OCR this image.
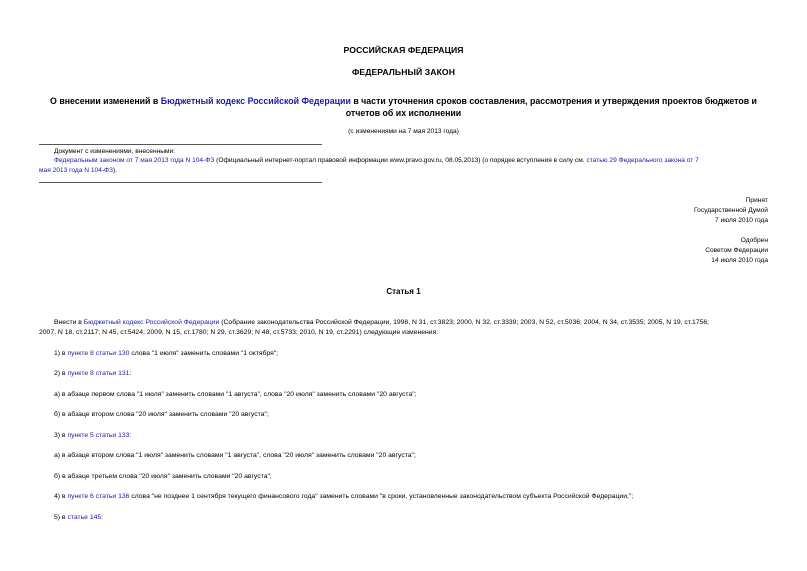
РОССИЙСКАЯ ФЕДЕРАЦИЯ
ФЕДЕРАЛЬНЫЙ ЗАКОН
О внесении изменений в Бюджетный кодекс Российской Федерации в части уточнения сроков составления, рассмотрения и утверждения проектов бюджетов и
отчетов об их исполнении
(с изменениями на 7 мая 2013 года)
Документ с изменениями, внесенными:
Федеральным законом от 7 мая 2013 года N 104-ФЗ (Официальный интернет-портал правовой информации www.pravo.gov.ru, 08.05.2013) (о порядке вступления в силу см. статью 29 Федерального закона от 7
мая 2013 года N 104-ФЗ).
Принят
Государственной Думой
7 июля 2010 года
Одобрен
Советом Федерации
14 июля 2010 года
Статья 1
Внести в Бюджетный кодекс Российской Федерации (Собрание законодательства Российской Федерации, 1998, N 31, ст.3823; 2000, N 32, ст.3339; 2003, N 52, ст.5036; 2004, N 34, ст.3535; 2005, N 19, ст.1756;
2007, N 18, ст.2117; N 45, ст.5424; 2009, N 15, ст.1780; N 29, ст.3629; N 48, ст.5733; 2010, N 19, ст.2291) следующие изменения:
1) в пункте 8 статьи 130 слова "1 июля" заменить словами "1 октября";
2) в пункте 8 статьи 131:
а) в абзаце первом слова "1 июля" заменить словами "1 августа", слова "20 июля" заменить словами "20 августа";
б) в абзаце втором слова "20 июля" заменить словами "20 августа";
3) в пункте 5 статьи 133:
а) в абзаце втором слова "1 июля" заменить словами "1 августа", слова "20 июля" заменить словами "20 августа";
б) в абзаце третьем слова "20 июля" заменить словами "20 августа";
4) в пункте 6 статьи 136 слова "не позднее 1 сентября текущего финансового года" заменить словами "в сроки, установленные законодательством субъекта Российской Федерации,";
5) в статье 145:
